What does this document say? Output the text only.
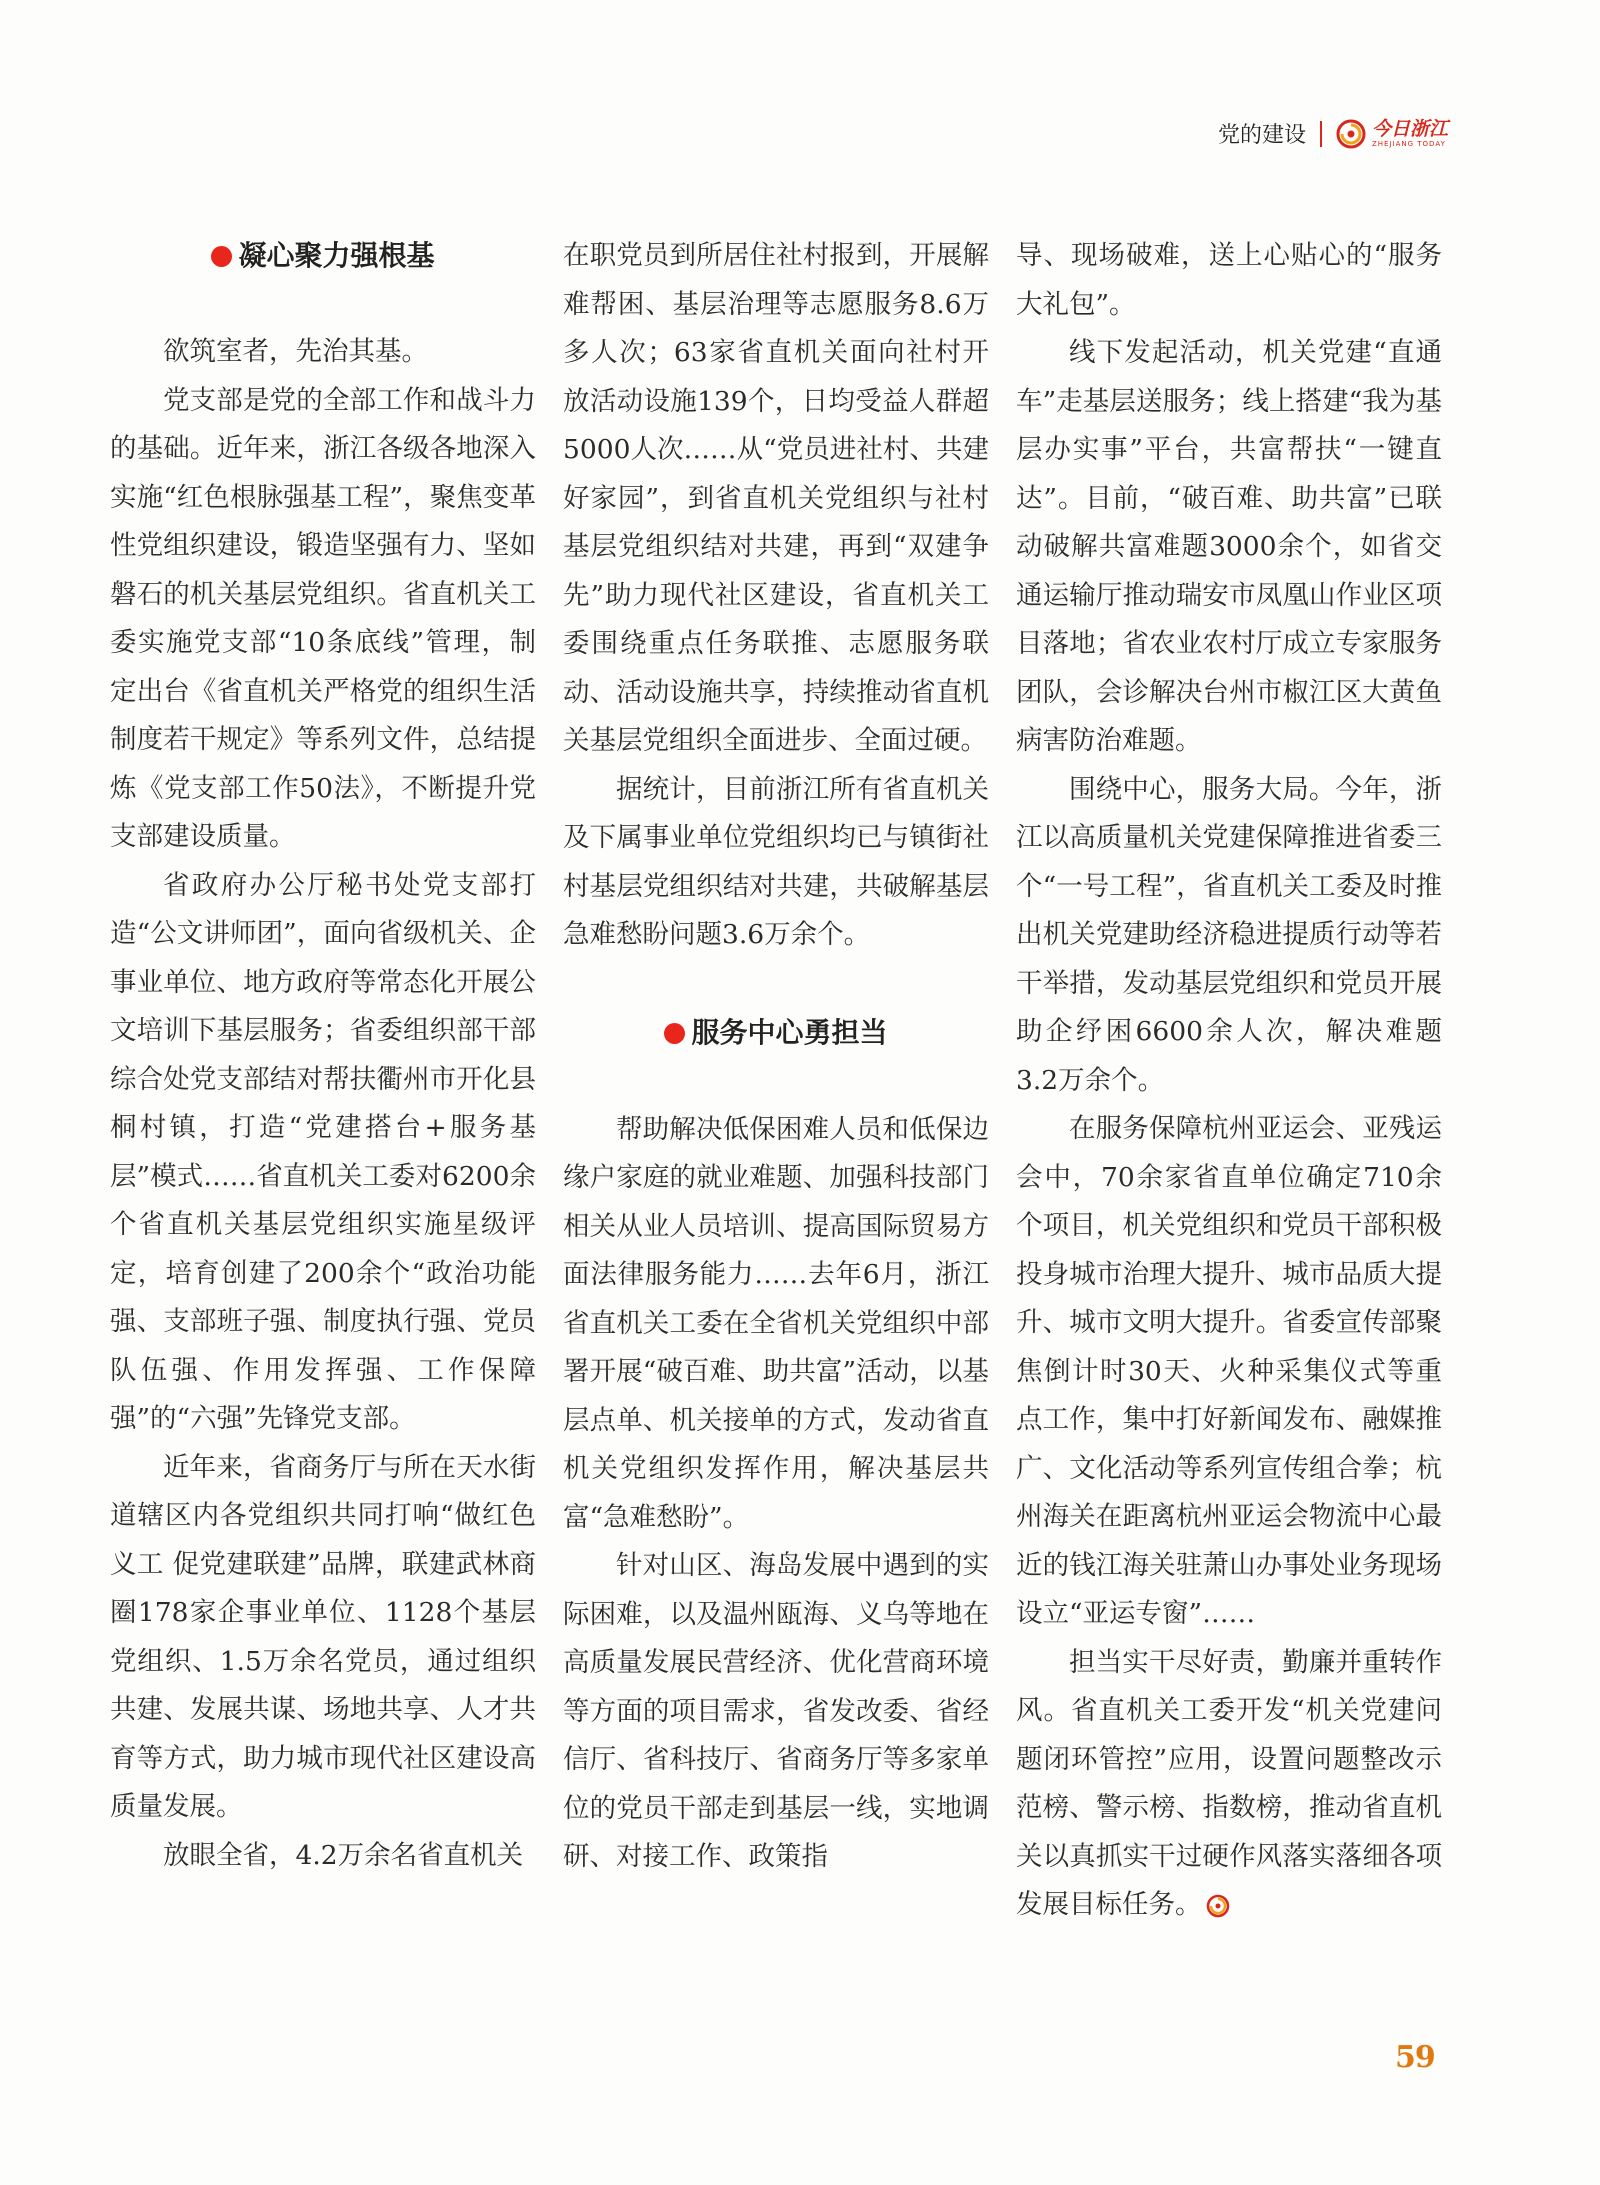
党的建设	今日浙江
ZHEJIANG TODAY
凝心聚力强根基

欲筑室者，先治其基。

党支部是党的全部工作和战斗力的基础。近年来，浙江各级各地深入实施“红色根脉强基工程”，聚焦变革性党组织建设，锻造坚强有力、坚如磐石的机关基层党组织。省直机关工委实施党支部“10条底线”管理，制定出台《省直机关严格党的组织生活制度若干规定》等系列文件，总结提炼《党支部工作50法》，不断提升党支部建设质量。

省政府办公厅秘书处党支部打造“公文讲师团”，面向省级机关、企事业单位、地方政府等常态化开展公文培训下基层服务；省委组织部干部综合处党支部结对帮扶衢州市开化县桐村镇，打造“党建搭台+服务基层”模式……省直机关工委对6200余个省直机关基层党组织实施星级评定，培育创建了200余个“政治功能强、支部班子强、制度执行强、党员队伍强、作用发挥强、工作保障强”的“六强”先锋党支部。

近年来，省商务厅与所在天水街道辖区内各党组织共同打响“做红色义工 促党建联建”品牌，联建武林商圈178家企事业单位、1128个基层党组织、1.5万余名党员，通过组织共建、发展共谋、场地共享、人才共育等方式，助力城市现代社区建设高质量发展。

放眼全省，4.2万余名省直机关

在职党员到所居住社村报到，开展解难帮困、基层治理等志愿服务8.6万多人次；63家省直机关面向社村开放活动设施139个，日均受益人群超5000人次……从“党员进社村、共建好家园”，到省直机关党组织与社村基层党组织结对共建，再到“双建争先”助力现代社区建设，省直机关工委围绕重点任务联推、志愿服务联动、活动设施共享，持续推动省直机关基层党组织全面进步、全面过硬。

据统计，目前浙江所有省直机关及下属事业单位党组织均已与镇街社村基层党组织结对共建，共破解基层急难愁盼问题3.6万余个。

服务中心勇担当

帮助解决低保困难人员和低保边缘户家庭的就业难题、加强科技部门相关从业人员培训、提高国际贸易方面法律服务能力……去年6月，浙江省直机关工委在全省机关党组织中部署开展“破百难、助共富”活动，以基层点单、机关接单的方式，发动省直机关党组织发挥作用，解决基层共富“急难愁盼”。

针对山区、海岛发展中遇到的实际困难，以及温州瓯海、义乌等地在高质量发展民营经济、优化营商环境等方面的项目需求，省发改委、省经信厅、省科技厅、省商务厅等多家单位的党员干部走到基层一线，实地调研、对接工作、政策指

导、现场破难，送上心贴心的“服务大礼包”。

线下发起活动，机关党建“直通车”走基层送服务；线上搭建“我为基层办实事”平台，共富帮扶“一键直达”。目前，“破百难、助共富”已联动破解共富难题3000余个，如省交通运输厅推动瑞安市凤凰山作业区项目落地；省农业农村厅成立专家服务团队，会诊解决台州市椒江区大黄鱼病害防治难题。

围绕中心，服务大局。今年，浙江以高质量机关党建保障推进省委三个“一号工程”，省直机关工委及时推出机关党建助经济稳进提质行动等若干举措，发动基层党组织和党员开展助企纾困6600余人次，解决难题3.2万余个。

在服务保障杭州亚运会、亚残运会中，70余家省直单位确定710余个项目，机关党组织和党员干部积极投身城市治理大提升、城市品质大提升、城市文明大提升。省委宣传部聚焦倒计时30天、火种采集仪式等重点工作，集中打好新闻发布、融媒推广、文化活动等系列宣传组合拳；杭州海关在距离杭州亚运会物流中心最近的钱江海关驻萧山办事处业务现场设立“亚运专窗”……

担当实干尽好责，勤廉并重转作风。省直机关工委开发“机关党建问题闭环管控”应用，设置问题整改示范榜、警示榜、指数榜，推动省直机关以真抓实干过硬作风落实落细各项发展目标任务。

59
